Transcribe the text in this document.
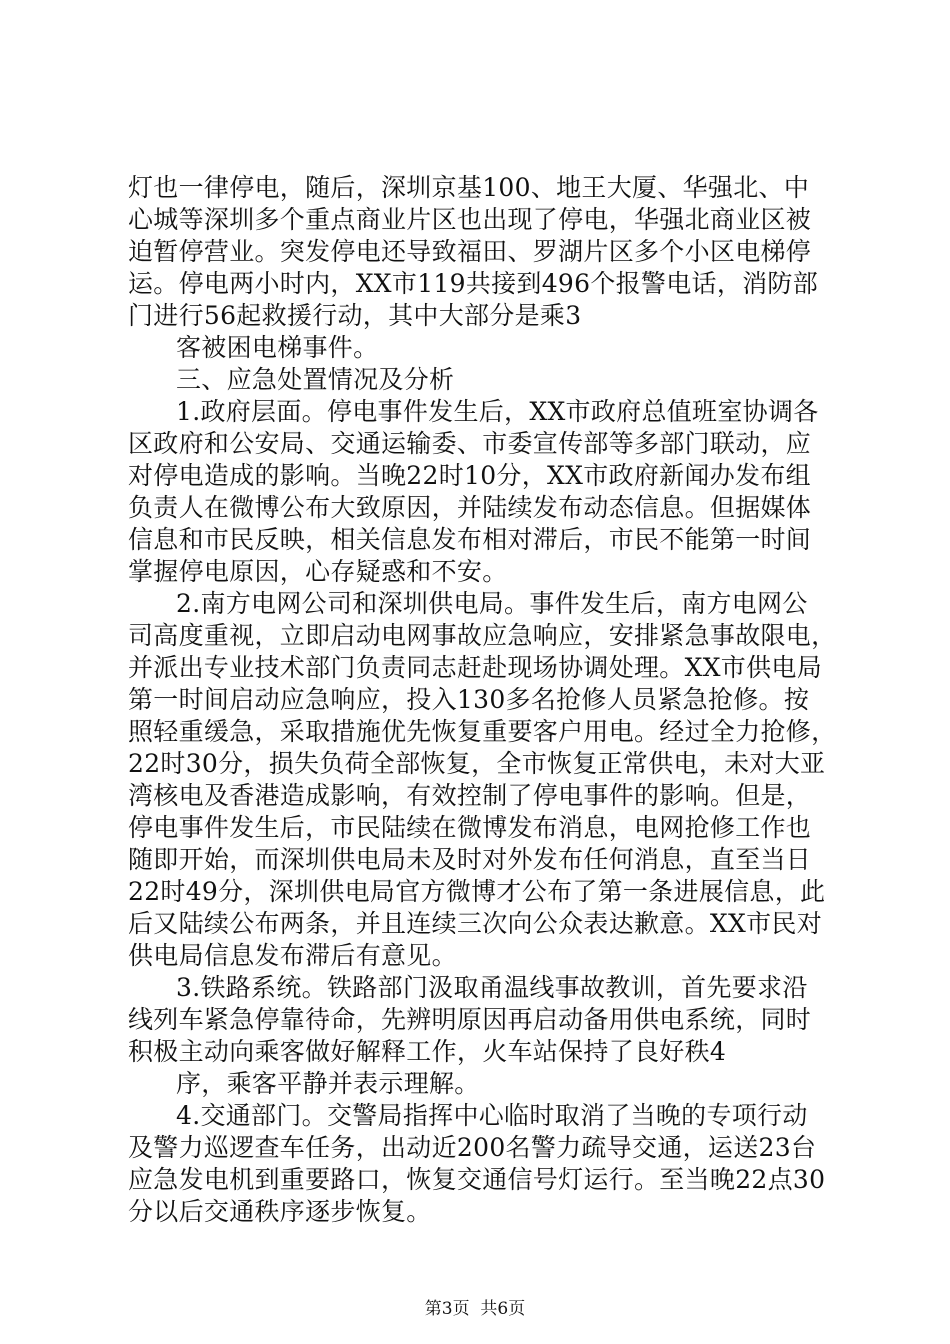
灯也一律停电，随后，深圳京基100、地王大厦、华强北、中
心城等深圳多个重点商业片区也出现了停电，华强北商业区被
迫暂停营业。突发停电还导致福田、罗湖片区多个小区电梯停
运。停电两小时内，XX市119共接到496个报警电话，消防部
门进行56起救援行动，其中大部分是乘3
客被困电梯事件。
三、应急处置情况及分析
1.政府层面。停电事件发生后，XX市政府总值班室协调各
区政府和公安局、交通运输委、市委宣传部等多部门联动，应
对停电造成的影响。当晚22时10分，XX市政府新闻办发布组
负责人在微博公布大致原因，并陆续发布动态信息。但据媒体
信息和市民反映，相关信息发布相对滞后，市民不能第一时间
掌握停电原因，心存疑惑和不安。
2.南方电网公司和深圳供电局。事件发生后，南方电网公
司高度重视，立即启动电网事故应急响应，安排紧急事故限电，
并派出专业技术部门负责同志赶赴现场协调处理。XX市供电局
第一时间启动应急响应，投入130多名抢修人员紧急抢修。按
照轻重缓急，采取措施优先恢复重要客户用电。经过全力抢修，
22时30分，损失负荷全部恢复，全市恢复正常供电，未对大亚
湾核电及香港造成影响，有效控制了停电事件的影响。但是，
停电事件发生后，市民陆续在微博发布消息，电网抢修工作也
随即开始，而深圳供电局未及时对外发布任何消息，直至当日
22时49分，深圳供电局官方微博才公布了第一条进展信息，此
后又陆续公布两条，并且连续三次向公众表达歉意。XX市民对
供电局信息发布滞后有意见。
3.铁路系统。铁路部门汲取甬温线事故教训，首先要求沿
线列车紧急停靠待命，先辨明原因再启动备用供电系统，同时
积极主动向乘客做好解释工作，火车站保持了良好秩4
序，乘客平静并表示理解。
4.交通部门。交警局指挥中心临时取消了当晚的专项行动
及警力巡逻查车任务，出动近200名警力疏导交通，运送23台
应急发电机到重要路口，恢复交通信号灯运行。至当晚22点30
分以后交通秩序逐步恢复。
第3页  共6页
